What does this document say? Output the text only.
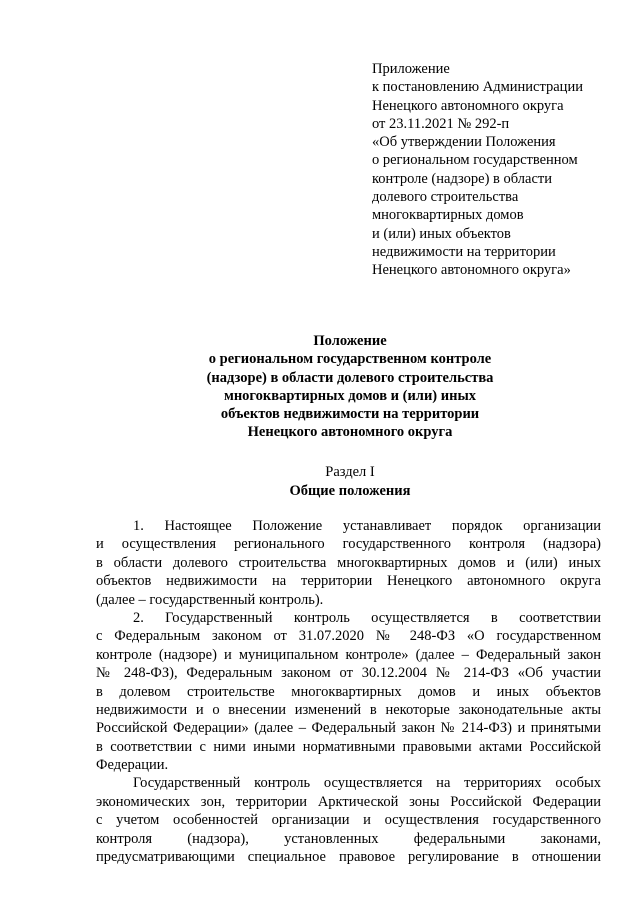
Приложение
к постановлению Администрации
Ненецкого автономного округа
от 23.11.2021 № 292-п
«Об утверждении Положения
о региональном государственном
контроле (надзоре) в области
долевого строительства
многоквартирных домов
и (или) иных объектов
недвижимости на территории
Ненецкого автономного округа»
Положение
о региональном государственном контроле
(надзоре) в области долевого строительства
многоквартирных домов и (или) иных
объектов недвижимости на территории
Ненецкого автономного округа
Раздел I
Общие положения
1. Настоящее Положение устанавливает порядок организации
и осуществления регионального государственного контроля (надзора)
в области долевого строительства многоквартирных домов и (или) иных
объектов недвижимости на территории Ненецкого автономного округа
(далее – государственный контроль).
2. Государственный контроль осуществляется в соответствии
с Федеральным законом от 31.07.2020 № 248-ФЗ «О государственном
контроле (надзоре) и муниципальном контроле» (далее – Федеральный закон
№ 248-ФЗ), Федеральным законом от 30.12.2004 № 214-ФЗ «Об участии
в долевом строительстве многоквартирных домов и иных объектов
недвижимости и о внесении изменений в некоторые законодательные акты
Российской Федерации» (далее – Федеральный закон № 214-ФЗ) и принятыми
в соответствии с ними иными нормативными правовыми актами Российской
Федерации.
Государственный контроль осуществляется на территориях особых
экономических зон, территории Арктической зоны Российской Федерации
с учетом особенностей организации и осуществления государственного
контроля (надзора), установленных федеральными законами,
предусматривающими специальное правовое регулирование в отношении
